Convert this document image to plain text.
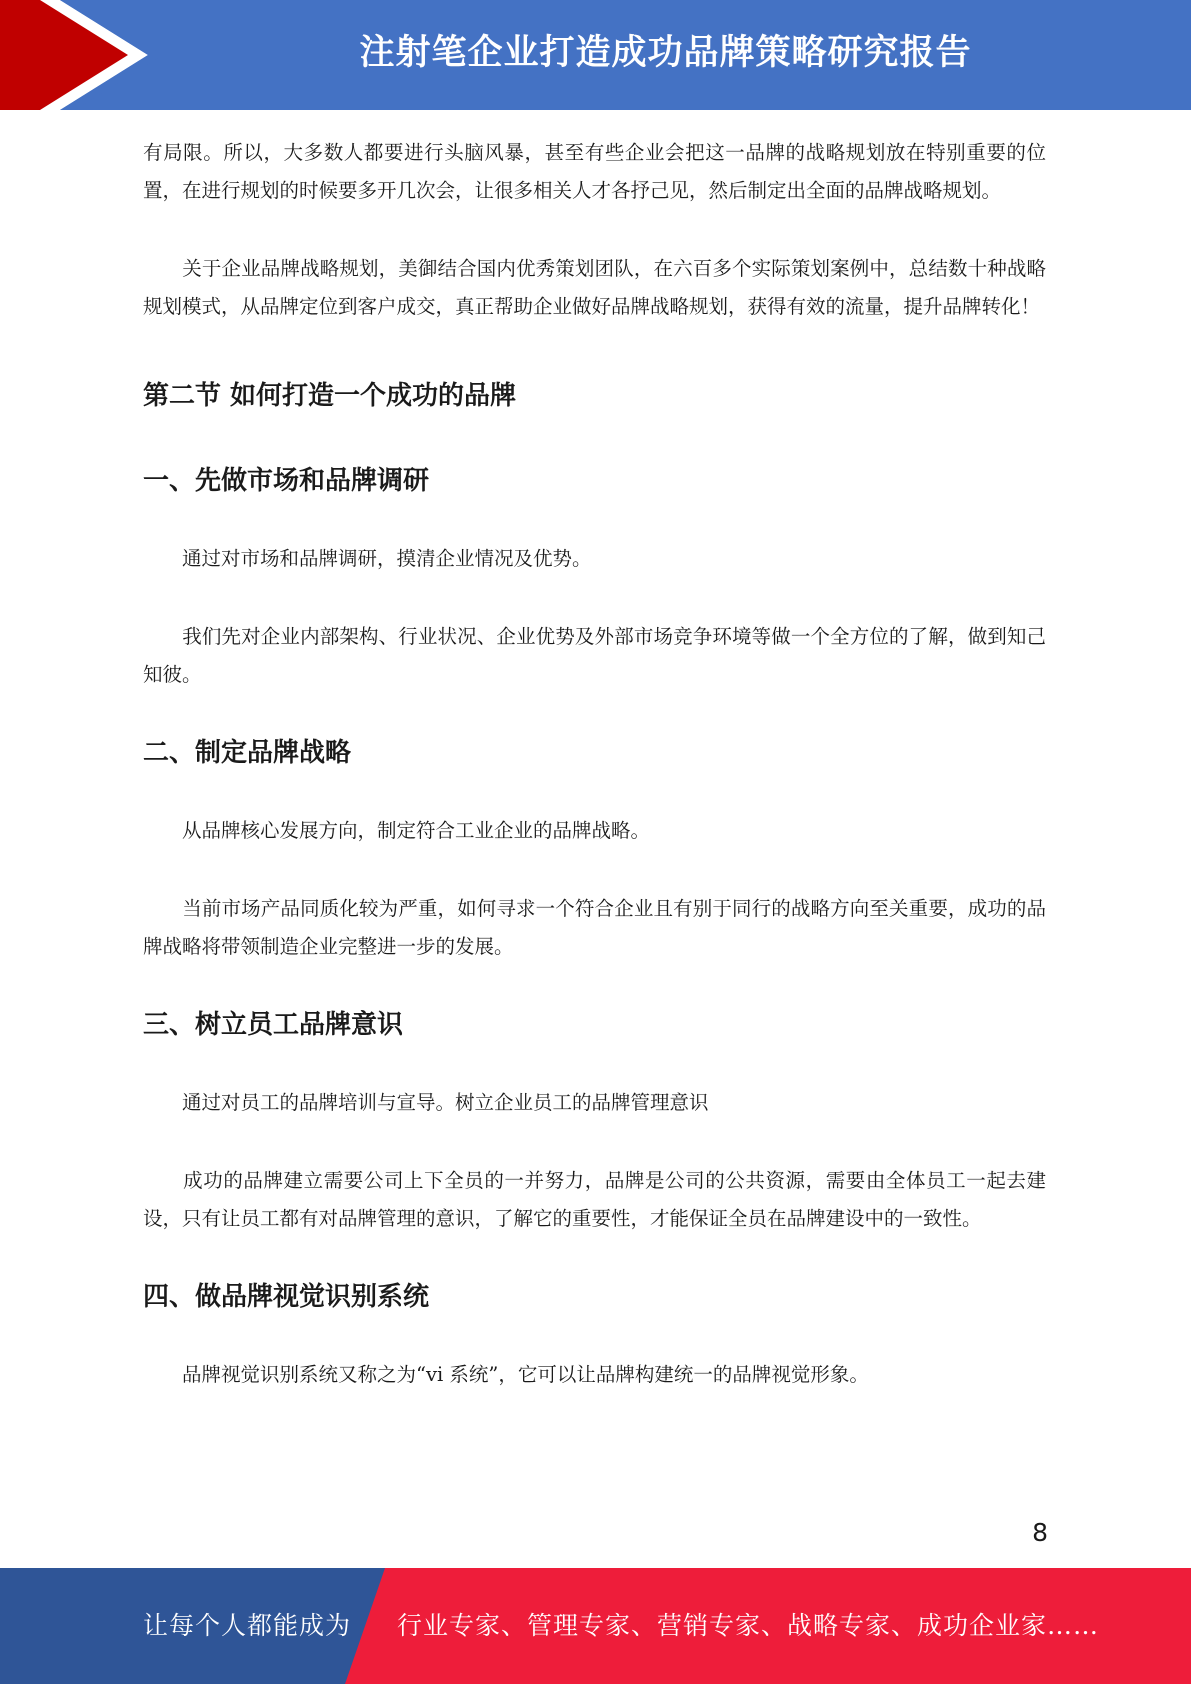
注射笔企业打造成功品牌策略研究报告

有局限。所以，大多数人都要进行头脑风暴，甚至有些企业会把这一品牌的战略规划放在特别重要的位置，在进行规划的时候要多开几次会，让很多相关人才各抒己见，然后制定出全面的品牌战略规划。

　　关于企业品牌战略规划，美御结合国内优秀策划团队，在六百多个实际策划案例中，总结数十种战略规划模式，从品牌定位到客户成交，真正帮助企业做好品牌战略规划，获得有效的流量，提升品牌转化！

第二节 如何打造一个成功的品牌
一、先做市场和品牌调研

　　通过对市场和品牌调研，摸清企业情况及优势。

　　我们先对企业内部架构、行业状况、企业优势及外部市场竞争环境等做一个全方位的了解，做到知己知彼。

二、制定品牌战略

　　从品牌核心发展方向，制定符合工业企业的品牌战略。

　　当前市场产品同质化较为严重，如何寻求一个符合企业且有别于同行的战略方向至关重要，成功的品牌战略将带领制造企业完整进一步的发展。

三、树立员工品牌意识

　　通过对员工的品牌培训与宣导。树立企业员工的品牌管理意识

　　成功的品牌建立需要公司上下全员的一并努力，品牌是公司的公共资源，需要由全体员工一起去建设，只有让员工都有对品牌管理的意识，了解它的重要性，才能保证全员在品牌建设中的一致性。

四、做品牌视觉识别系统

　　品牌视觉识别系统又称之为“vi 系统”，它可以让品牌构建统一的品牌视觉形象。

8
让每个人都能成为 行业专家、管理专家、营销专家、战略专家、成功企业家……
